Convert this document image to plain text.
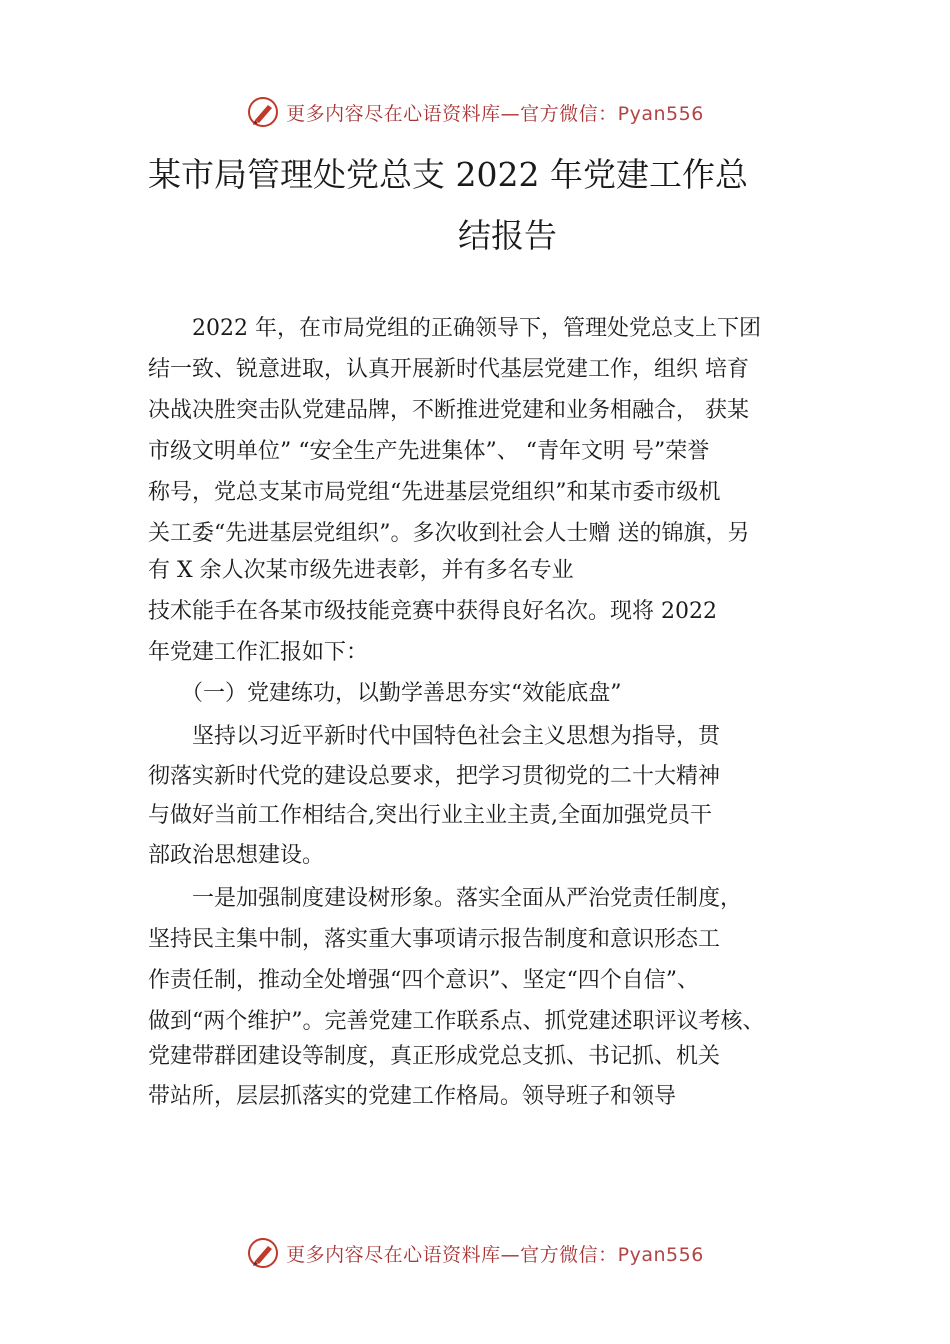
更多内容尽在心语资料库—官方微信：Pyan556
某市局管理处党总支 2022 年党建工作总
结报告
　　2022 年，在市局党组的正确领导下，管理处党总支上下团
结一致、锐意进取，认真开展新时代基层党建工作，组织 培育
决战决胜突击队党建品牌，不断推进党建和业务相融合， 获某
市级文明单位” “安全生产先进集体”、 “青年文明 号”荣誉
称号，党总支某市局党组“先进基层党组织”和某市委市级机
关工委“先进基层党组织”。多次收到社会人士赠 送的锦旗，另
有 X 余人次某市级先进表彰，并有多名专业
技术能手在各某市级技能竞赛中获得良好名次。现将 2022
年党建工作汇报如下：
　　（一）党建练功，以勤学善思夯实“效能底盘”
　　坚持以习近平新时代中国特色社会主义思想为指导，贯
彻落实新时代党的建设总要求，把学习贯彻党的二十大精神
与做好当前工作相结合,突出行业主业主责,全面加强党员干
部政治思想建设。
　　一是加强制度建设树形象。落实全面从严治党责任制度，
坚持民主集中制，落实重大事项请示报告制度和意识形态工
作责任制，推动全处增强“四个意识”、坚定“四个自信”、
做到“两个维护”。完善党建工作联系点、抓党建述职评议考核、
党建带群团建设等制度，真正形成党总支抓、书记抓、机关
带站所，层层抓落实的党建工作格局。领导班子和领导
更多内容尽在心语资料库—官方微信：Pyan556
